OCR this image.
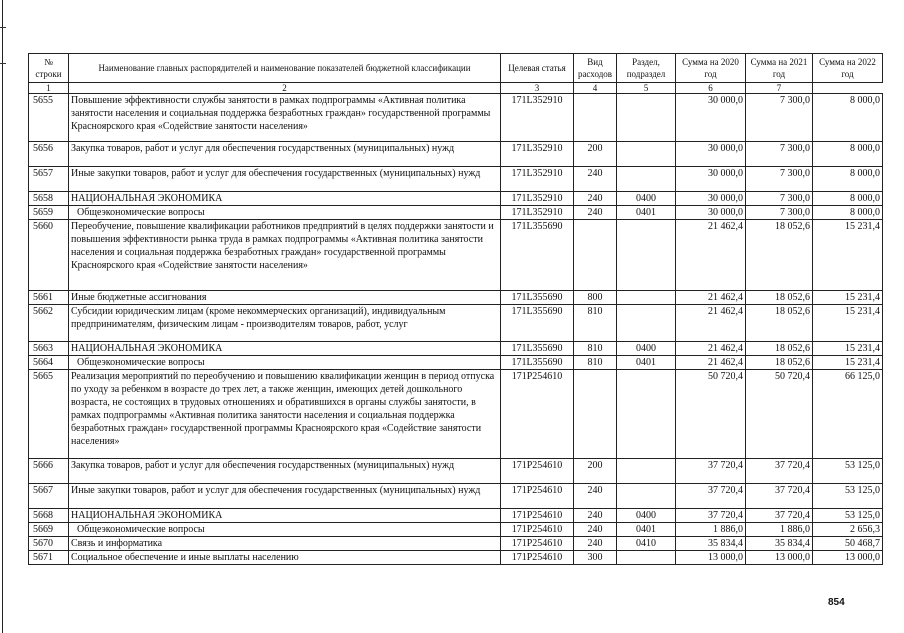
№ строки	Наименование главных распорядителей и наименование показателей бюджетной классификации	Целевая статья	Вид расходов	Раздел, подраздел	Сумма на 2020 год	Сумма на 2021 год	Сумма на 2022 год
1	2	3	4	5	6	7	
5655	Повышение эффективности службы занятости в рамках подпрограммы «Активная политика занятости населения и социальная поддержка безработных граждан» государственной программы Красноярского края «Содействие занятости населения»	171L352910			30 000,0	7 300,0	8 000,0
5656	Закупка товаров, работ и услуг для обеспечения государственных (муниципальных) нужд	171L352910	200		30 000,0	7 300,0	8 000,0
5657	Иные закупки товаров, работ и услуг для обеспечения государственных (муниципальных) нужд	171L352910	240		30 000,0	7 300,0	8 000,0
5658	НАЦИОНАЛЬНАЯ ЭКОНОМИКА	171L352910	240	0400	30 000,0	7 300,0	8 000,0
5659	Общеэкономические вопросы	171L352910	240	0401	30 000,0	7 300,0	8 000,0
5660	Переобучение, повышение квалификации работников предприятий в целях поддержки занятости и повышения эффективности рынка труда в рамках подпрограммы «Активная политика занятости населения и социальная поддержка безработных граждан» государственной программы Красноярского края «Содействие занятости населения»	171L355690			21 462,4	18 052,6	15 231,4
5661	Иные бюджетные ассигнования	171L355690	800		21 462,4	18 052,6	15 231,4
5662	Субсидии юридическим лицам (кроме некоммерческих организаций), индивидуальным предпринимателям, физическим лицам - производителям товаров, работ, услуг	171L355690	810		21 462,4	18 052,6	15 231,4
5663	НАЦИОНАЛЬНАЯ ЭКОНОМИКА	171L355690	810	0400	21 462,4	18 052,6	15 231,4
5664	Общеэкономические вопросы	171L355690	810	0401	21 462,4	18 052,6	15 231,4
5665	Реализация мероприятий по переобучению и повышению квалификации женщин в период отпуска по уходу за ребенком в возрасте до трех лет, а также женщин, имеющих детей дошкольного возраста, не состоящих в трудовых отношениях и обратившихся в органы службы занятости, в рамках подпрограммы «Активная политика занятости населения и социальная поддержка безработных граждан» государственной программы Красноярского края «Содействие занятости населения»	171P254610			50 720,4	50 720,4	66 125,0
5666	Закупка товаров, работ и услуг для обеспечения государственных (муниципальных) нужд	171P254610	200		37 720,4	37 720,4	53 125,0
5667	Иные закупки товаров, работ и услуг для обеспечения государственных (муниципальных) нужд	171P254610	240		37 720,4	37 720,4	53 125,0
5668	НАЦИОНАЛЬНАЯ ЭКОНОМИКА	171P254610	240	0400	37 720,4	37 720,4	53 125,0
5669	Общеэкономические вопросы	171P254610	240	0401	1 886,0	1 886,0	2 656,3
5670	Связь и информатика	171P254610	240	0410	35 834,4	35 834,4	50 468,7
5671	Социальное обеспечение и иные выплаты населению	171P254610	300		13 000,0	13 000,0	13 000,0
854
